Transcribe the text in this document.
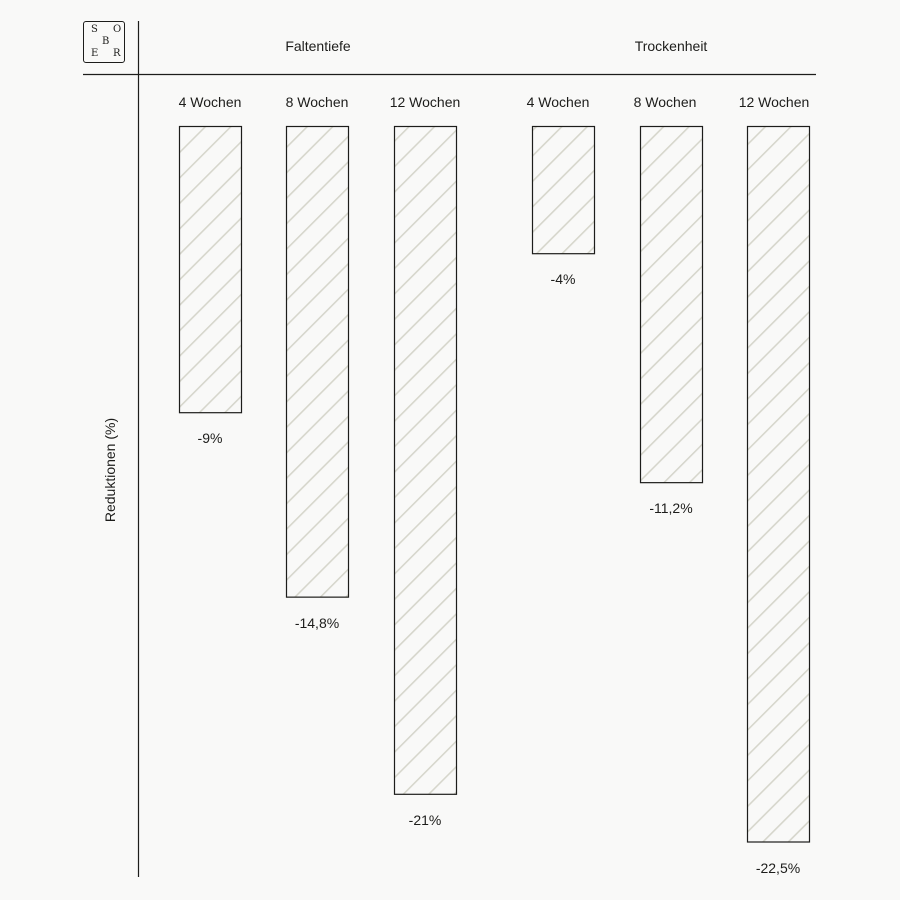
S O
B
E R	Faltentiefe	Trockenheit
4 Wochen	8 Wochen	12 Wochen	4 Wochen	8 Wochen	12 Wochen
-9%
-14,8%
-21%
-4%
-11,2%
-22,5%
Reduktionen (%)
